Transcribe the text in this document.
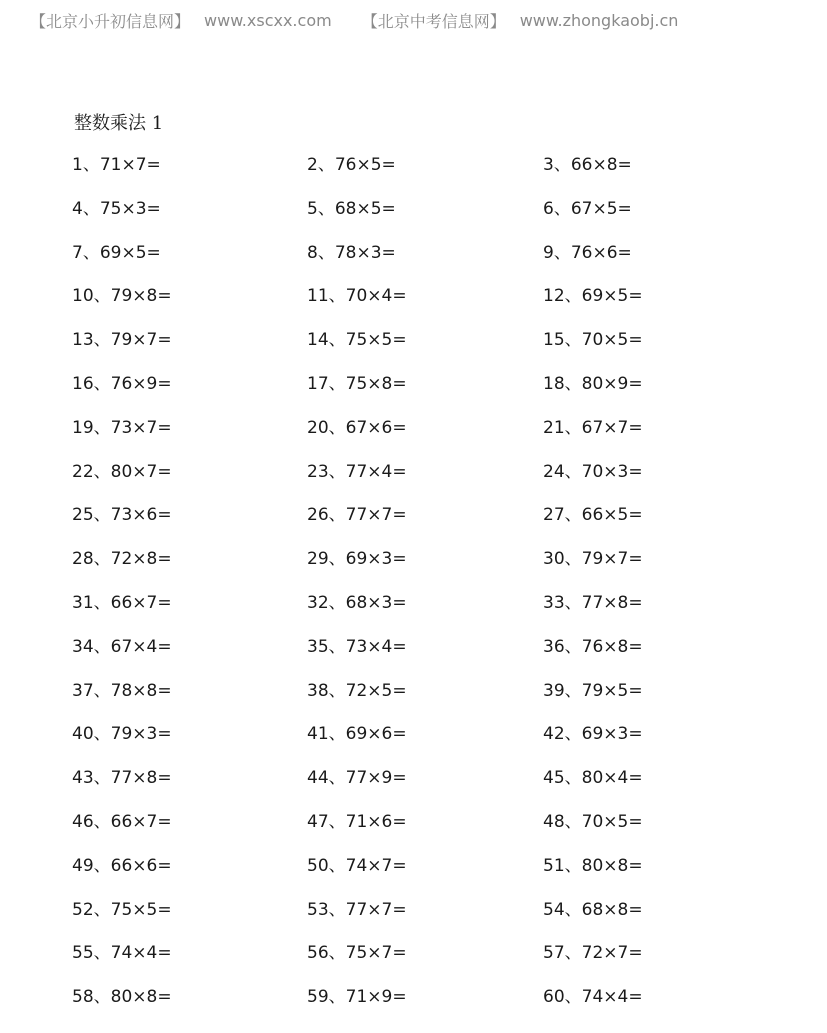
【北京小升初信息网】 www.xscxx.com 【北京中考信息网】 www.zhongkaobj.cn
整数乘法 1
1、71×7=	2、76×5=	3、66×8=
4、75×3=	5、68×5=	6、67×5=
7、69×5=	8、78×3=	9、76×6=
10、79×8=	11、70×4=	12、69×5=
13、79×7=	14、75×5=	15、70×5=
16、76×9=	17、75×8=	18、80×9=
19、73×7=	20、67×6=	21、67×7=
22、80×7=	23、77×4=	24、70×3=
25、73×6=	26、77×7=	27、66×5=
28、72×8=	29、69×3=	30、79×7=
31、66×7=	32、68×3=	33、77×8=
34、67×4=	35、73×4=	36、76×8=
37、78×8=	38、72×5=	39、79×5=
40、79×3=	41、69×6=	42、69×3=
43、77×8=	44、77×9=	45、80×4=
46、66×7=	47、71×6=	48、70×5=
49、66×6=	50、74×7=	51、80×8=
52、75×5=	53、77×7=	54、68×8=
55、74×4=	56、75×7=	57、72×7=
58、80×8=	59、71×9=	60、74×4=
